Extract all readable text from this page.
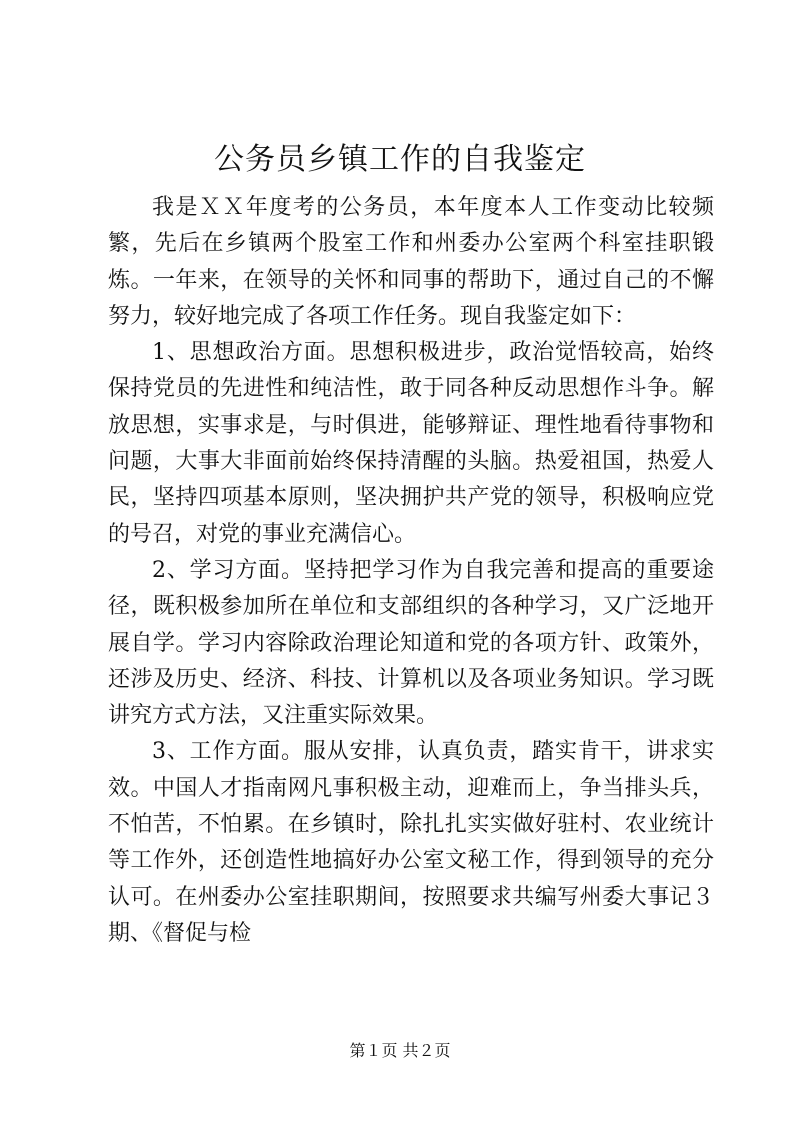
公务员乡镇工作的自我鉴定

我是ＸＸ年度考的公务员，本年度本人工作变动比较频繁，先后在乡镇两个股室工作和州委办公室两个科室挂职锻炼。一年来，在领导的关怀和同事的帮助下，通过自己的不懈努力，较好地完成了各项工作任务。现自我鉴定如下：

1、思想政治方面。思想积极进步，政治觉悟较高，始终保持党员的先进性和纯洁性，敢于同各种反动思想作斗争。解放思想，实事求是，与时俱进，能够辩证、理性地看待事物和问题，大事大非面前始终保持清醒的头脑。热爱祖国，热爱人民，坚持四项基本原则，坚决拥护共产党的领导，积极响应党的号召，对党的事业充满信心。

2、学习方面。坚持把学习作为自我完善和提高的重要途径，既积极参加所在单位和支部组织的各种学习，又广泛地开展自学。学习内容除政治理论知道和党的各项方针、政策外，还涉及历史、经济、科技、计算机以及各项业务知识。学习既讲究方式方法，又注重实际效果。

3、工作方面。服从安排，认真负责，踏实肯干，讲求实效。中国人才指南网凡事积极主动，迎难而上，争当排头兵，不怕苦，不怕累。在乡镇时，除扎扎实实做好驻村、农业统计等工作外，还创造性地搞好办公室文秘工作，得到领导的充分认可。在州委办公室挂职期间，按照要求共编写州委大事记３期、《督促与检

第１页 共２页
